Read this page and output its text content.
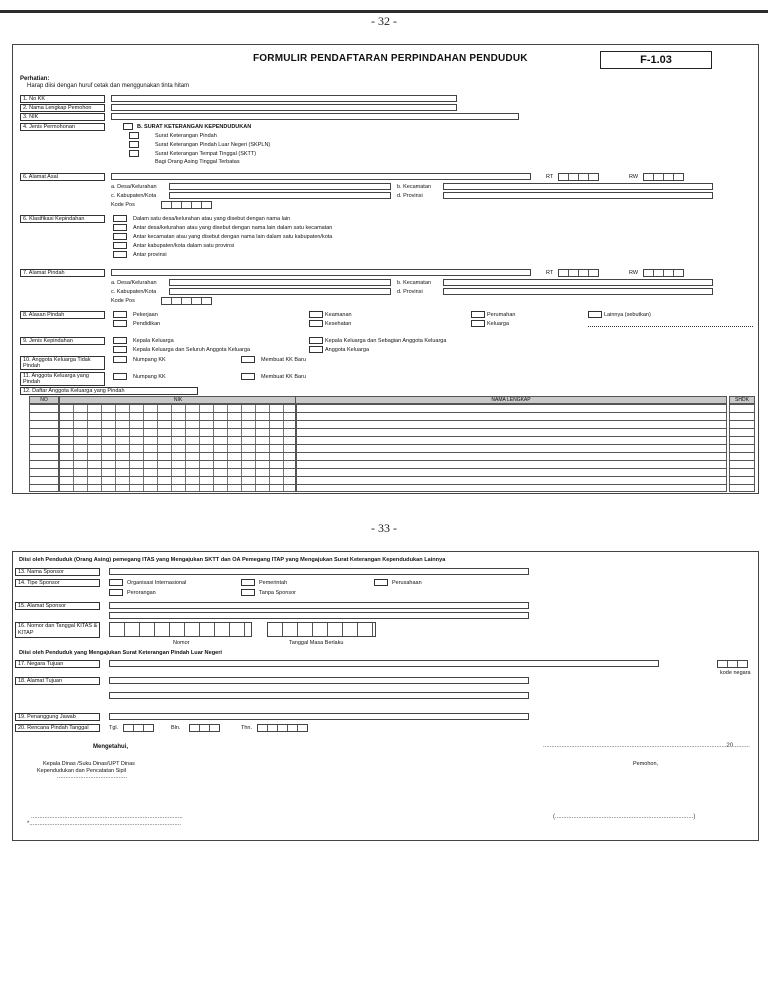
- 32 -
FORMULIR PENDAFTARAN PERPINDAHAN PENDUDUK	F-1.03
Perhatian:
Harap diisi dengan huruf cetak dan menggunakan tinta hitam
1. No KK
2. Nama Lengkap Pemohon
3. NIK
4. Jenis Permohonan	B. SURAT KETERANGAN KEPENDUDUKAN
Surat Keterangan Pindah
Surat Keterangan Pindah Luar Negeri (SKPLN)
Surat Keterangan Tempat Tinggal (SKTT)
Bagi Orang Asing Tinggal Terbatas
6. Alamat Asal	RT	RW
a. Desa/Kelurahan	b. Kecamatan
c. Kabupaten/Kota	d. Provinsi
Kode Pos
6. Klasifikasi Kepindahan	Dalam satu desa/kelurahan atau yang disebut dengan nama lain
Antar desa/kelurahan atau yang disebut dengan nama lain dalam satu kecamatan
Antar kecamatan atau yang disebut dengan nama lain dalam satu kabupaten/kota
Antar kabupaten/kota dalam satu provinsi
Antar provinsi
7. Alamat Pindah	RT	RW
a. Desa/Kelurahan	b. Kecamatan
c. Kabupaten/Kota	d. Provinsi
Kode Pos
8. Alasan Pindah	Pekerjaan
Pendidikan
Keamanan
Kesehatan
Perumahan
Keluarga
Lainnya (sebutkan)
9. Jenis Kepindahan	Kepala Keluarga
Kepala Keluarga dan Seluruh Anggota Keluarga
Kepala Keluarga dan Sebagian Anggota Keluarga
Anggota Keluarga
10. Anggota Keluarga Tidak Pindah
Numpang KK	Membuat KK Baru
11. Anggota Keluarga yang Pindah
Numpang KK	Membuat KK Baru
12. Daftar Anggota Keluarga yang Pindah
NO	NIK	NAMA LENGKAP	SHDK
- 33 -
Diisi oleh Penduduk (Orang Asing) pemegang ITAS yang Mengajukan SKTT dan OA Pemegang ITAP yang Mengajukan Surat Keterangan Kependudukan Lainnya
13. Nama Sponsor
14. Tipe Sponsor	Organisasi Internasional
Perorangan
Pemerintah
Tanpa Sponsor
Perusahaan
15. Alamat Sponsor
16. Nomor dan Tanggal KITAS & KITAP
Nomor	Tanggal Masa Berlaku
Diisi oleh Penduduk yang Mengajukan Surat Keterangan Pindah Luar Negeri
17. Negara Tujuan
kode negara
18. Alamat Tujuan
19. Penanggung Jawab
20. Rencana Pindah Tanggal	Tgl.	Bln.	Thn.
Mengetahui,	..............................................................................................................20..........
Kepala Dinas /Suku Dinas/UPT Dinas
Kependudukan dan Pencatatan Sipil
..........................................
Pemohon,
...........................................................................................
*...........................................................................................
(...................................................................................)
